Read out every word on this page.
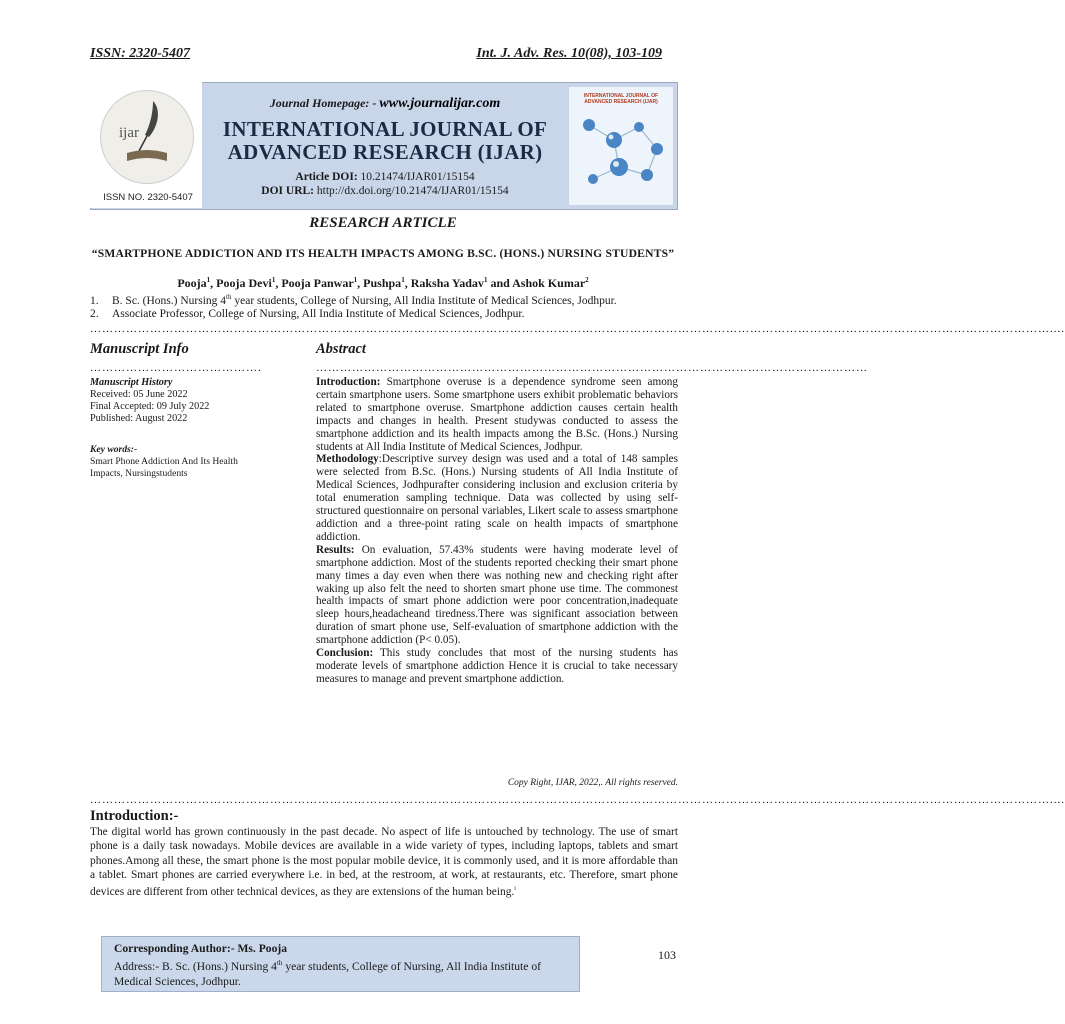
ISSN: 2320-5407	Int. J. Adv. Res. 10(08), 103-109
ijar
ISSN NO. 2320-5407
Journal Homepage: - www.journalijar.com
INTERNATIONAL JOURNAL OF ADVANCED RESEARCH (IJAR)
Article DOI: 10.21474/IJAR01/15154
DOI URL: http://dx.doi.org/10.21474/IJAR01/15154
INTERNATIONAL JOURNAL OF ADVANCED RESEARCH (IJAR)
RESEARCH ARTICLE
“SMARTPHONE ADDICTION AND ITS HEALTH IMPACTS AMONG B.SC. (HONS.) NURSING STUDENTS”
Pooja$^1$, Pooja Devi$^1$, Pooja Panwar$^1$, Pushpa$^1$, Raksha Yadav$^1$ and Ashok Kumar$^2$
1. B. Sc. (Hons.) Nursing 4th year students, College of Nursing, All India Institute of Medical Sciences, Jodhpur.
2. Associate Professor, College of Nursing, All India Institute of Medical Sciences, Jodhpur.
……………………………………………………………………………………………………………………………………………………………………………………………………………………....
Manuscript Info
…………………………………….
Manuscript History
Received: 05 June 2022
Final Accepted: 09 July 2022
Published: August 2022
Key words:-
Smart Phone Addiction And Its Health Impacts, Nursingstudents
Abstract
…………………………………………………………………………………………………………………………

Introduction: Smartphone overuse is a dependence syndrome seen among certain smartphone users. Some smartphone users exhibit problematic behaviors related to smartphone overuse. Smartphone addiction causes certain health impacts and changes in health. Present studywas conducted to assess the smartphone addiction and its health impacts among the B.Sc. (Hons.) Nursing students at All India Institute of Medical Sciences, Jodhpur.

Methodology:Descriptive survey design was used and a total of 148 samples were selected from B.Sc. (Hons.) Nursing students of All India Institute of Medical Sciences, Jodhpurafter considering inclusion and exclusion criteria by total enumeration sampling technique. Data was collected by using self-structured questionnaire on personal variables, Likert scale to assess smartphone addiction and a three-point rating scale on health impacts of smartphone addiction.

Results: On evaluation, 57.43% students were having moderate level of smartphone addiction. Most of the students reported checking their smart phone many times a day even when there was nothing new and checking right after waking up also felt the need to shorten smart phone use time. The commonest health impacts of smart phone addiction were poor concentration,inadequate sleep hours,headacheand tiredness.There was significant association between duration of smart phone use, Self-evaluation of smartphone addiction with the smartphone addiction (P< 0.05).

Conclusion: This study concludes that most of the nursing students has moderate levels of smartphone addiction Hence it is crucial to take necessary measures to manage and prevent smartphone addiction.

Copy Right, IJAR, 2022,. All rights reserved.
……………………………………………………………………………………………………………………………………………………………………………………………………………………....
Introduction:-
The digital world has grown continuously in the past decade. No aspect of life is untouched by technology. The use of smart phone is a daily task nowadays. Mobile devices are available in a wide variety of types, including laptops, tablets and smart phones.Among all these, the smart phone is the most popular mobile device, it is commonly used, and it is more affordable than a tablet. Smart phones are carried everywhere i.e. in bed, at the restroom, at work, at restaurants, etc. Therefore, smart phone devices are different from other technical devices, as they are extensions of the human being.$^i$
Corresponding Author:- Ms. Pooja
Address:- B. Sc. (Hons.) Nursing 4th year students, College of Nursing, All India Institute of Medical Sciences, Jodhpur.
103
